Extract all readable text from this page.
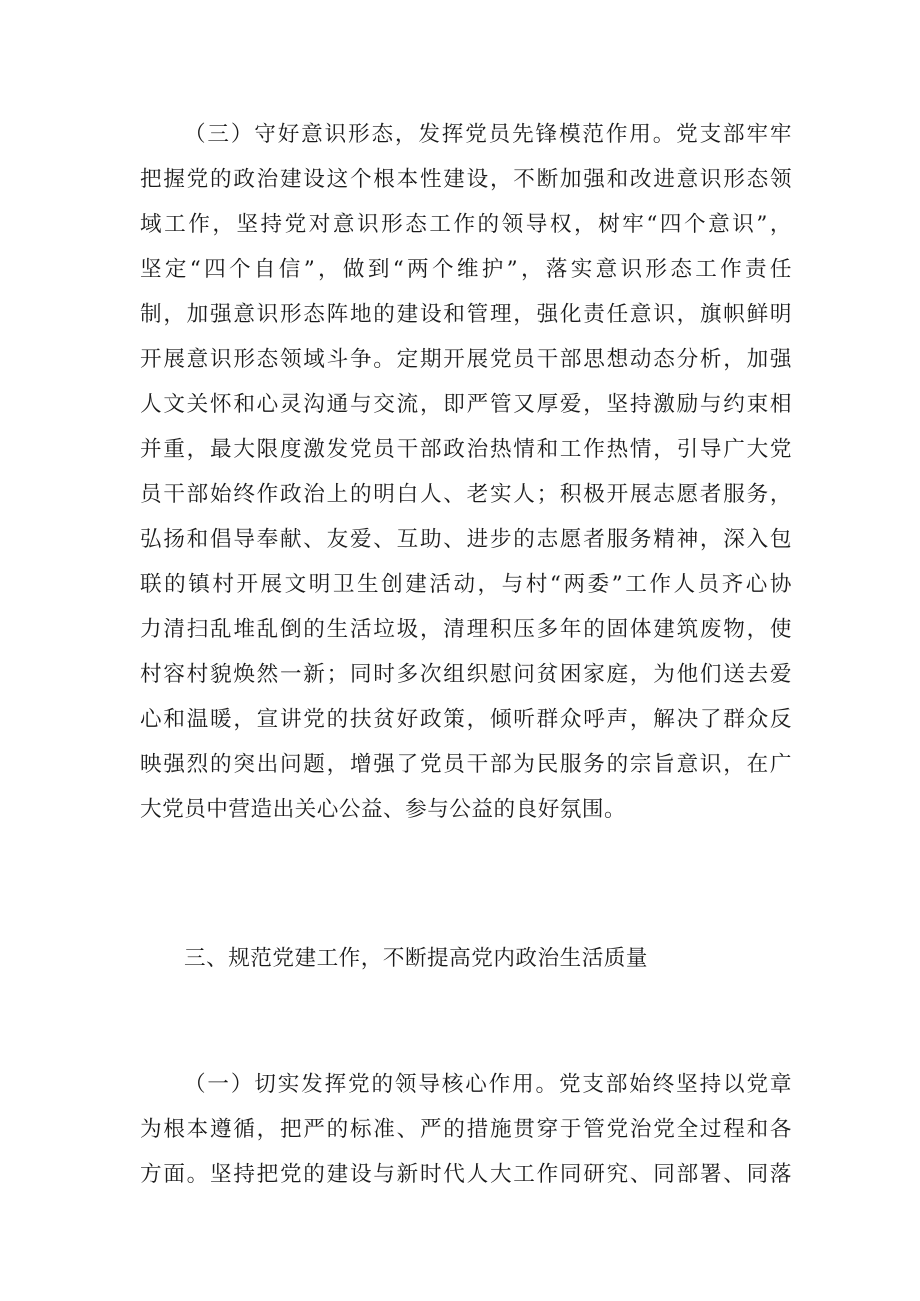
（三）守好意识形态，发挥党员先锋模范作用。党支部牢牢
把握党的政治建设这个根本性建设，不断加强和改进意识形态领
域工作，坚持党对意识形态工作的领导权，树牢“四个意识”，
坚定“四个自信”，做到“两个维护”，落实意识形态工作责任
制，加强意识形态阵地的建设和管理，强化责任意识，旗帜鲜明
开展意识形态领域斗争。定期开展党员干部思想动态分析，加强
人文关怀和心灵沟通与交流，即严管又厚爱，坚持激励与约束相
并重，最大限度激发党员干部政治热情和工作热情，引导广大党
员干部始终作政治上的明白人、老实人；积极开展志愿者服务，
弘扬和倡导奉献、友爱、互助、进步的志愿者服务精神，深入包
联的镇村开展文明卫生创建活动，与村“两委”工作人员齐心协
力清扫乱堆乱倒的生活垃圾，清理积压多年的固体建筑废物，使
村容村貌焕然一新；同时多次组织慰问贫困家庭，为他们送去爱
心和温暖，宣讲党的扶贫好政策，倾听群众呼声，解决了群众反
映强烈的突出问题，增强了党员干部为民服务的宗旨意识，在广
大党员中营造出关心公益、参与公益的良好氛围。
三、规范党建工作，不断提高党内政治生活质量
（一）切实发挥党的领导核心作用。党支部始终坚持以党章
为根本遵循，把严的标准、严的措施贯穿于管党治党全过程和各
方面。坚持把党的建设与新时代人大工作同研究、同部署、同落
